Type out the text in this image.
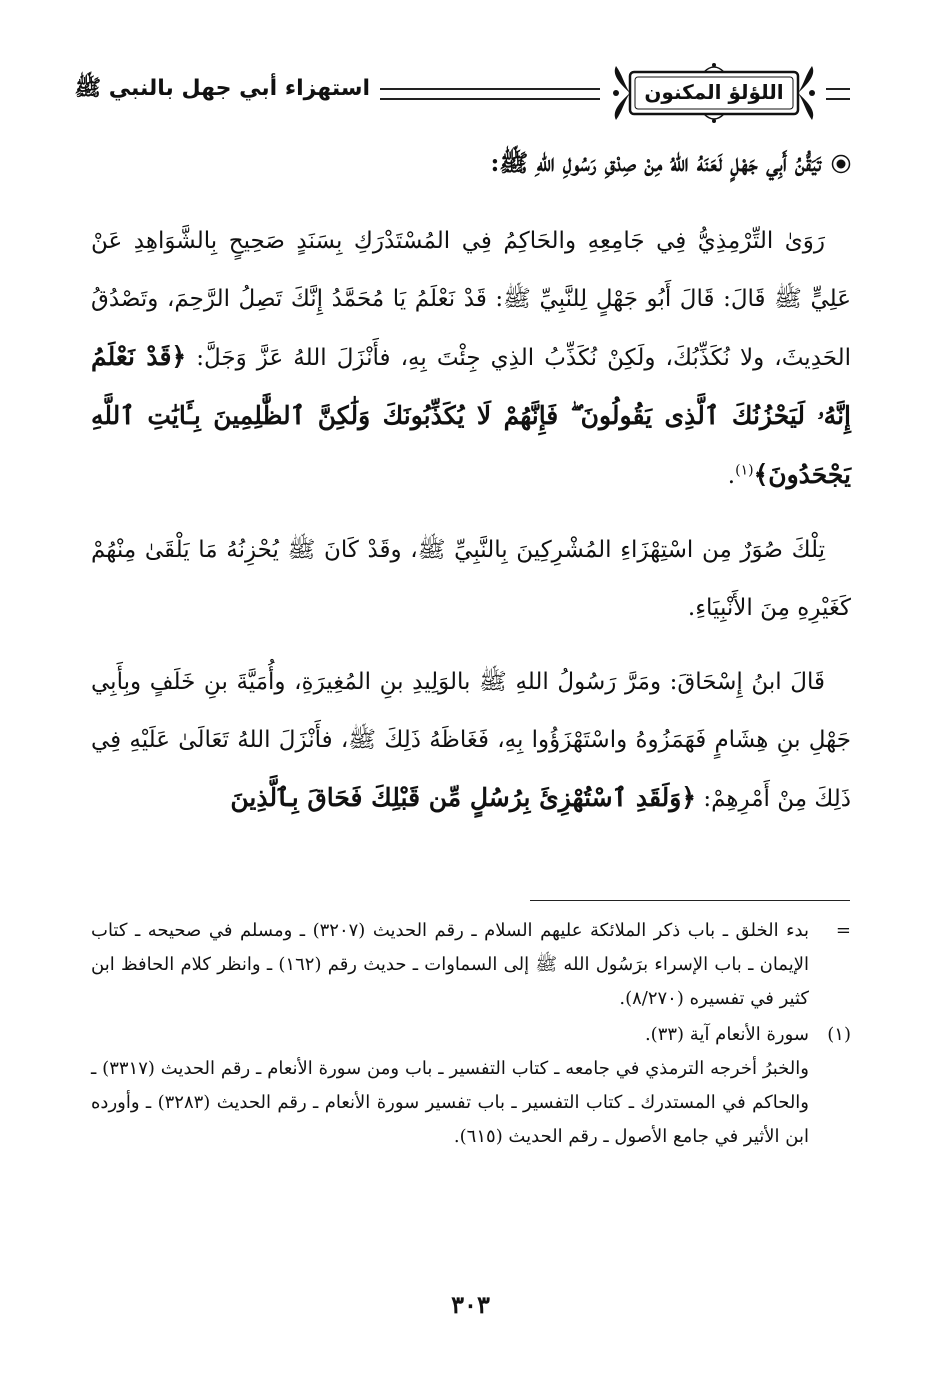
اللؤلؤ المكنون
استهزاء أبي جهل بالنبي ﷺ
تَيَقُّنُ أَبِي جَهْلٍ لَعَنَهُ اللهُ مِنْ صِدْقِ رَسُولِ اللهِ ﷺ:

رَوَىٰ التِّرْمِذِيُّ فِي جَامِعِهِ والحَاكِمُ فِي المُسْتَدْرَكِ بِسَنَدٍ صَحِيحٍ بِالشَّوَاهِدِ عَنْ عَلِيٍّ ﷺ قَالَ: قَالَ أَبُو جَهْلٍ لِلنَّبِيِّ ﷺ: قَدْ نَعْلَمُ يَا مُحَمَّدُ إِنَّكَ تَصِلُ الرَّحِمَ، وتَصْدُقُ الحَدِيثَ، ولا نُكَذِّبُكَ، ولَكِنْ نُكَذِّبُ الذِي جِئْتَ بِهِ، فأَنْزَلَ اللهُ عَزَّ وَجَلَّ: ﴿قَدْ نَعْلَمُ إِنَّهُۥ لَيَحْزُنُكَ ٱلَّذِى يَقُولُونَ ۖ فَإِنَّهُمْ لَا يُكَذِّبُونَكَ وَلَٰكِنَّ ٱلظَّٰلِمِينَ بِـَٔايَٰتِ ٱللَّهِ يَجْحَدُونَ﴾$^{(١)}$.

تِلْكَ صُوَرٌ مِن اسْتِهْزَاءِ المُشْرِكِينَ بِالنَّبِيِّ ﷺ، وقَدْ كَانَ ﷺ يُحْزِنُهُ مَا يَلْقَىٰ مِنْهُمْ كَغَيْرِهِ مِنَ الأَنْبِيَاءِ.

قَالَ ابنُ إِسْحَاقَ: ومَرَّ رَسُولُ اللهِ ﷺ بالوَلِيدِ بنِ المُغِيرَةِ، وأُمَيَّةَ بنِ خَلَفٍ وبِأَبِي جَهْلِ بنِ هِشَامٍ فَهَمَزُوهُ واسْتَهْزَؤُوا بِهِ، فَغَاظَهُ ذَلِكَ ﷺ، فأَنْزَلَ اللهُ تَعَالَىٰ عَلَيْهِ فِي ذَلِكَ مِنْ أَمْرِهِمْ: ﴿وَلَقَدِ ٱسْتُهْزِئَ بِرُسُلٍ مِّن قَبْلِكَ فَحَاقَ بِٱلَّذِينَ

=
بدء الخلق ـ باب ذكر الملائكة عليهم السلام ـ رقم الحديث (٣٢٠٧) ـ ومسلم في صحيحه ـ كتاب الإيمان ـ باب الإسراء برَسُول الله ﷺ إلى السماوات ـ حديث رقم (١٦٢) ـ وانظر كلام الحافظ ابن كثير في تفسيره (٨/٢٧٠).
(١)
سورة الأنعام آية (٣٣).
والخبرُ أخرجه الترمذي في جامعه ـ كتاب التفسير ـ باب ومن سورة الأنعام ـ رقم الحديث (٣٣١٧) ـ والحاكم في المستدرك ـ كتاب التفسير ـ باب تفسير سورة الأنعام ـ رقم الحديث (٣٢٨٣) ـ وأورده ابن الأثير في جامع الأصول ـ رقم الحديث (٦١٥).
٣٠٣
